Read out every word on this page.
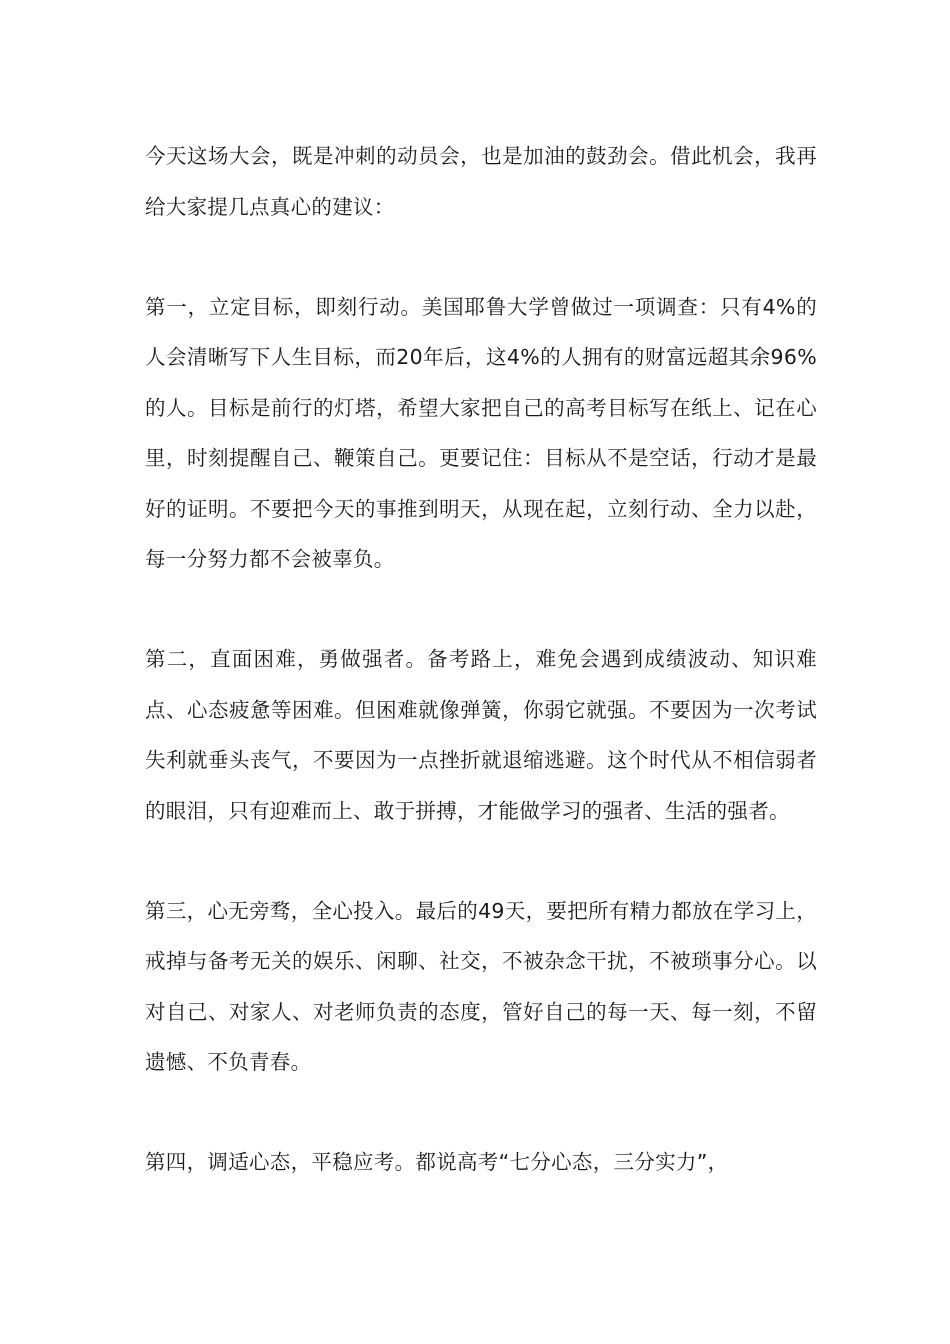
今天这场大会，既是冲刺的动员会，也是加油的鼓劲会。借此机会，我再给大家提几点真心的建议：

第一，立定目标，即刻行动。美国耶鲁大学曾做过一项调查：只有4%的人会清晰写下人生目标，而20年后，这4%的人拥有的财富远超其余96%的人。目标是前行的灯塔，希望大家把自己的高考目标写在纸上、记在心里，时刻提醒自己、鞭策自己。更要记住：目标从不是空话，行动才是最好的证明。不要把今天的事推到明天，从现在起，立刻行动、全力以赴，每一分努力都不会被辜负。

第二，直面困难，勇做强者。备考路上，难免会遇到成绩波动、知识难点、心态疲惫等困难。但困难就像弹簧，你弱它就强。不要因为一次考试失利就垂头丧气，不要因为一点挫折就退缩逃避。这个时代从不相信弱者的眼泪，只有迎难而上、敢于拼搏，才能做学习的强者、生活的强者。

第三，心无旁骛，全心投入。最后的49天，要把所有精力都放在学习上，戒掉与备考无关的娱乐、闲聊、社交，不被杂念干扰，不被琐事分心。以对自己、对家人、对老师负责的态度，管好自己的每一天、每一刻，不留遗憾、不负青春。

第四，调适心态，平稳应考。都说高考“七分心态，三分实力”，
